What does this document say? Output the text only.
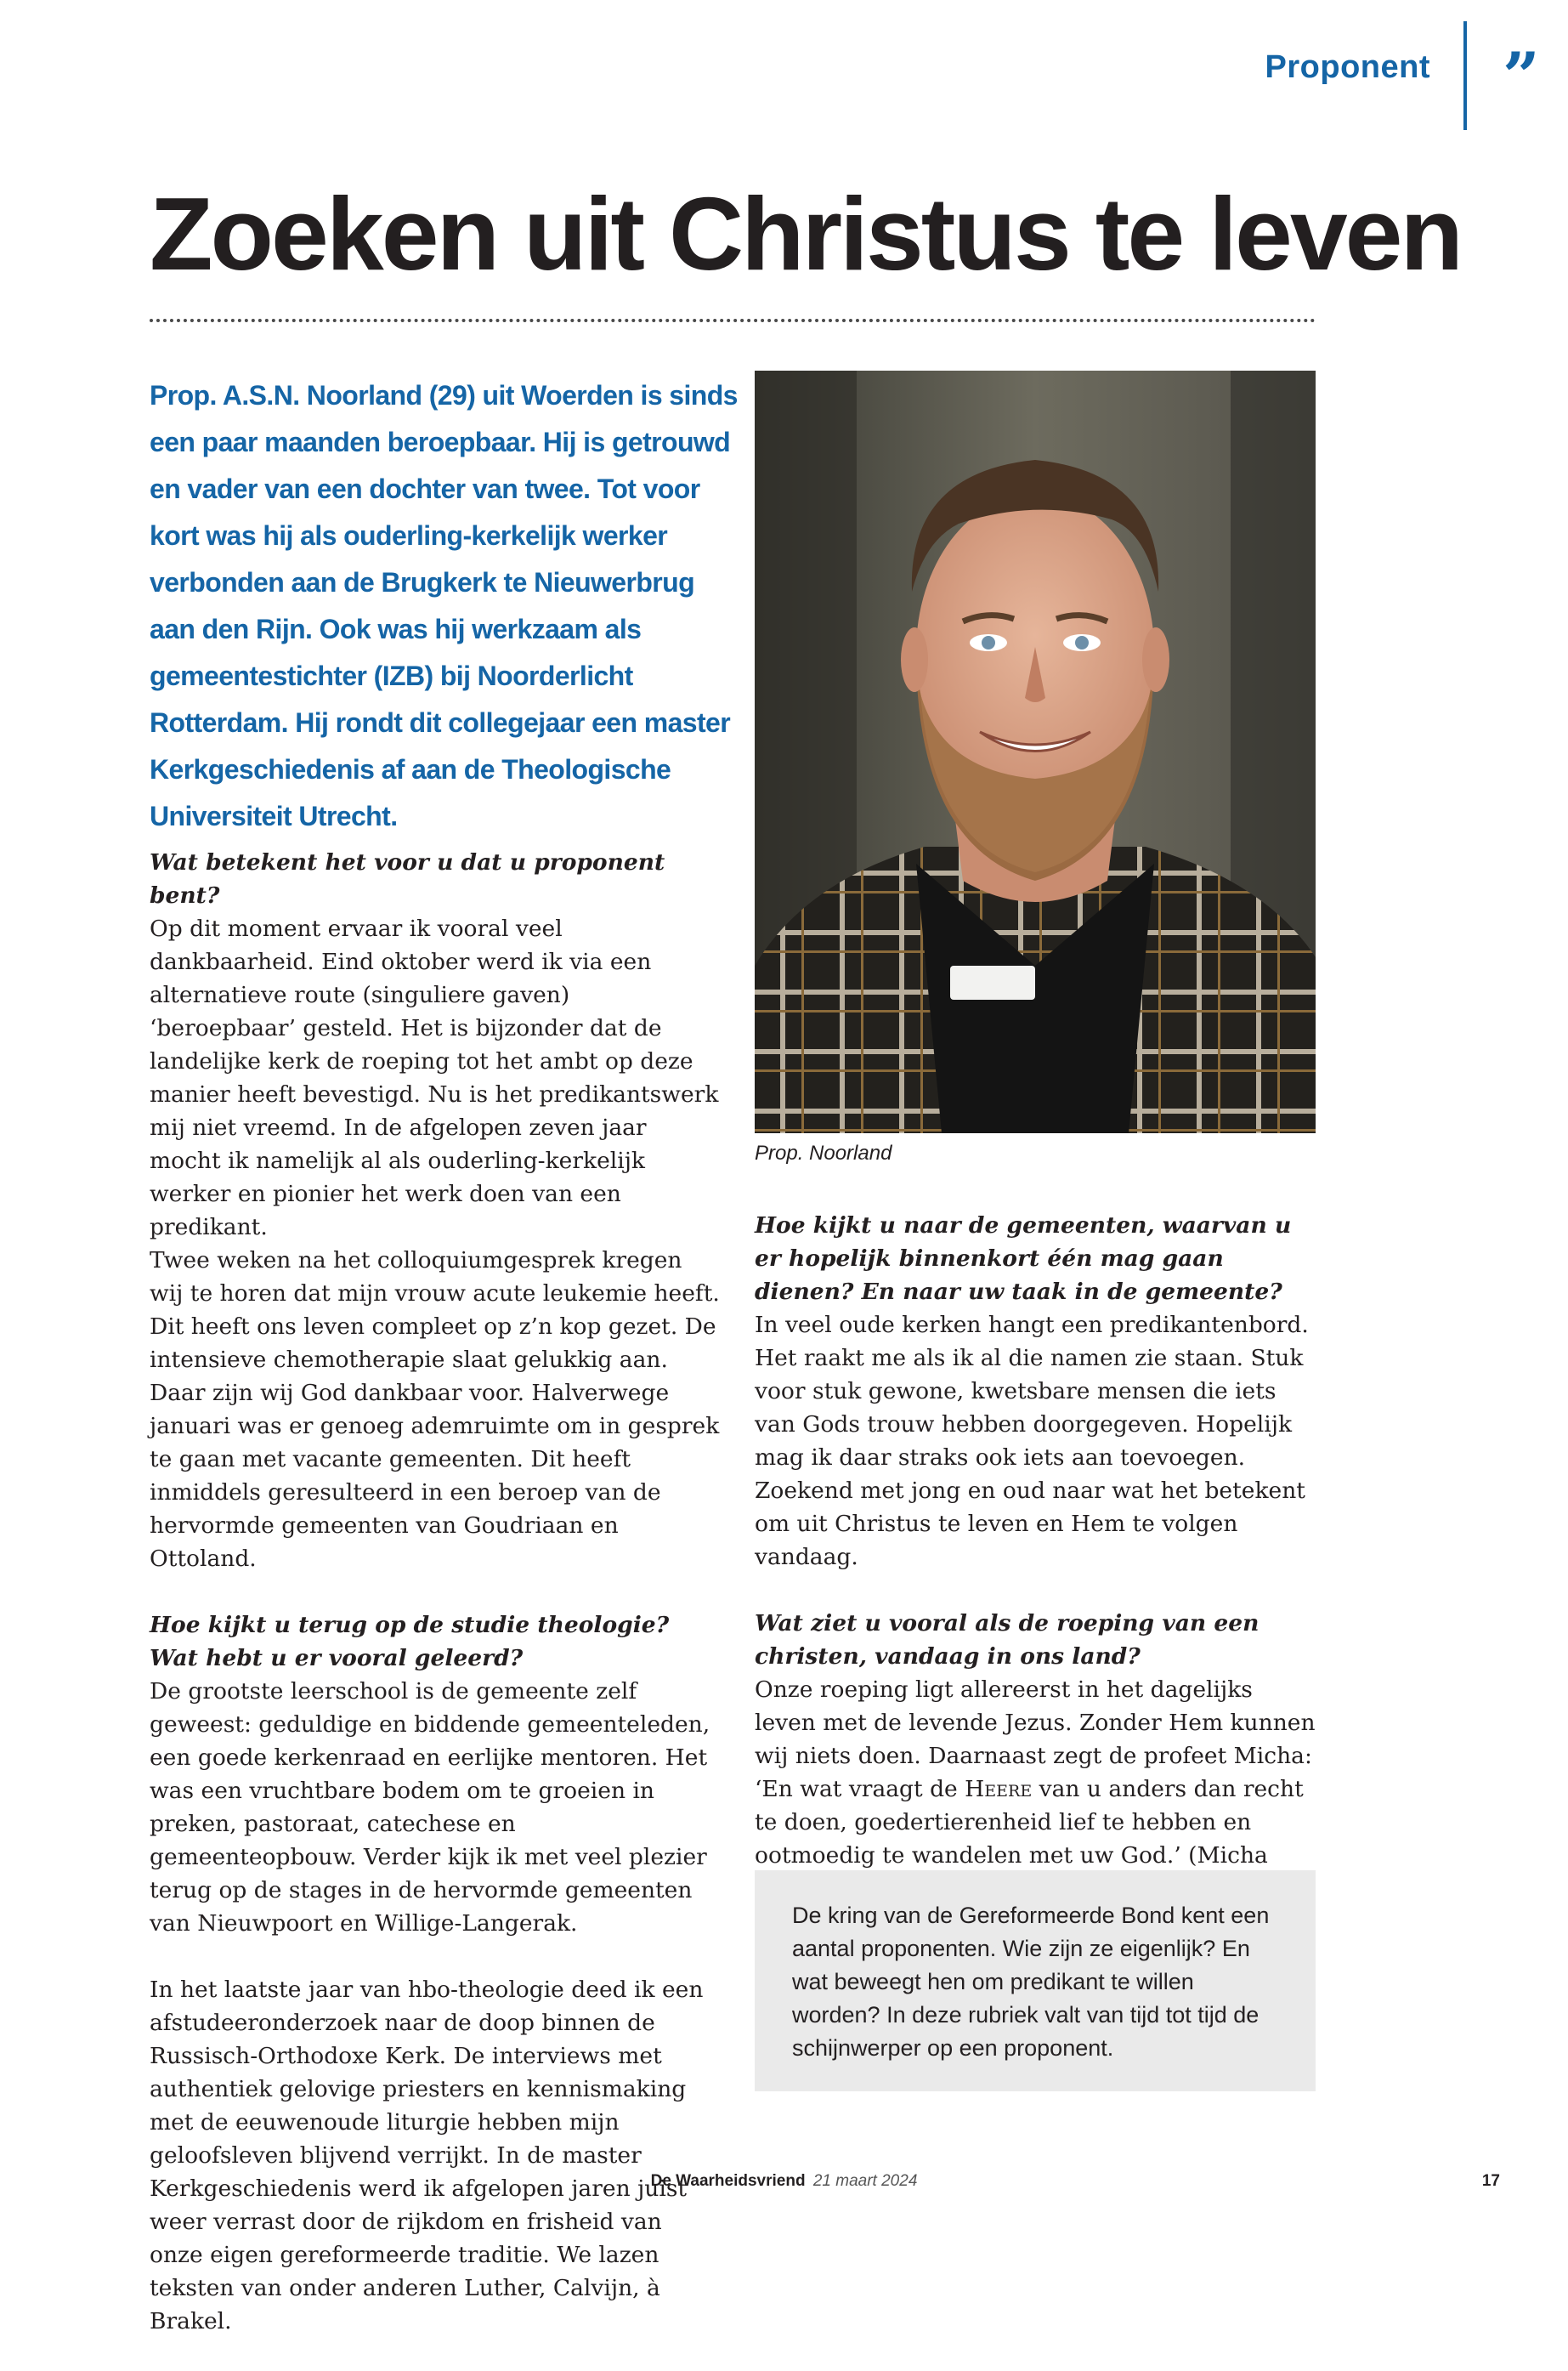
Proponent ”
Zoeken uit Christus te leven

Prop. A.S.N. Noorland (29) uit Woerden is sinds een paar maanden beroepbaar. Hij is getrouwd en vader van een dochter van twee. Tot voor kort was hij als ouderling-kerkelijk werker verbonden aan de Brugkerk te Nieuwerbrug aan den Rijn. Ook was hij werkzaam als gemeentestichter (IZB) bij Noorderlicht Rotterdam. Hij rondt dit collegejaar een master Kerkgeschiedenis af aan de Theologische Universiteit Utrecht.

Prop. Noorland

Wat betekent het voor u dat u proponent bent?

Op dit moment ervaar ik vooral veel dankbaarheid. Eind oktober werd ik via een alternatieve route (singuliere gaven) ‘beroepbaar’ gesteld. Het is bijzonder dat de landelijke kerk de roeping tot het ambt op deze manier heeft bevestigd. Nu is het predikantswerk mij niet vreemd. In de afgelopen zeven jaar mocht ik namelijk al als ouderling-kerkelijk werker en pionier het werk doen van een predikant.

Twee weken na het colloquiumgesprek kregen wij te horen dat mijn vrouw acute leukemie heeft. Dit heeft ons leven compleet op z’n kop gezet. De intensieve chemotherapie slaat gelukkig aan. Daar zijn wij God dankbaar voor. Halverwege januari was er genoeg ademruimte om in gesprek te gaan met vacante gemeenten. Dit heeft inmiddels geresulteerd in een beroep van de hervormde gemeenten van Goudriaan en Ottoland.

Hoe kijkt u terug op de studie theologie? Wat hebt u er vooral geleerd?

De grootste leerschool is de gemeente zelf geweest: geduldige en biddende gemeenteleden, een goede kerkenraad en eerlijke mentoren. Het was een vruchtbare bodem om te groeien in preken, pastoraat, catechese en gemeenteopbouw. Verder kijk ik met veel plezier terug op de stages in de hervormde gemeenten van Nieuwpoort en Willige-Langerak.

In het laatste jaar van hbo-theologie deed ik een afstudeeronderzoek naar de doop binnen de Russisch-Orthodoxe Kerk. De interviews met authentiek gelovige priesters en kennismaking met de eeuwenoude liturgie hebben mijn geloofsleven blijvend verrijkt. In de master Kerkgeschiedenis werd ik afgelopen jaren juist weer verrast door de rijkdom en frisheid van onze eigen gereformeerde traditie. We lazen teksten van onder anderen Luther, Calvijn, à Brakel.

Hoe kijkt u naar de gemeenten, waarvan u er hopelijk binnenkort één mag gaan dienen? En naar uw taak in de gemeente?

In veel oude kerken hangt een predikantenbord. Het raakt me als ik al die namen zie staan. Stuk voor stuk gewone, kwetsbare mensen die iets van Gods trouw hebben doorgegeven. Hopelijk mag ik daar straks ook iets aan toevoegen. Zoekend met jong en oud naar wat het betekent om uit Christus te leven en Hem te volgen vandaag.

Wat ziet u vooral als de roeping van een christen, vandaag in ons land?

Onze roeping ligt allereerst in het dagelijks leven met de levende Jezus. Zonder Hem kunnen wij niets doen. Daarnaast zegt de profeet Micha: ‘En wat vraagt de Heere van u anders dan recht te doen, goedertierenheid lief te hebben en ootmoedig te wandelen met uw God.’ (Micha

De kring van de Gereformeerde Bond kent een aantal proponenten. Wie zijn ze eigenlijk? En wat beweegt hen om predikant te willen worden? In deze rubriek valt van tijd tot tijd de schijnwerper op een proponent.

De Waarheidsvriend 21 maart 2024	17
